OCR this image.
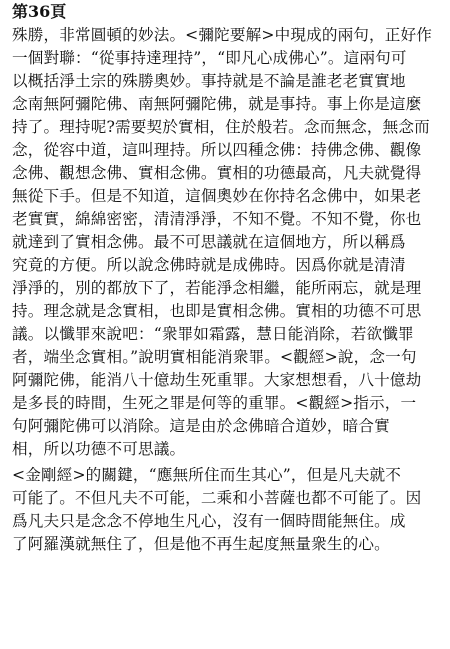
第36頁
殊勝，非常圓頓的妙法。<彌陀要解>中現成的兩句，正好作
一個對聯：“從事持達理持”，“即凡心成佛心”。這兩句可
以概括淨土宗的殊勝奧妙。事持就是不論是誰老老實實地
念南無阿彌陀佛、南無阿彌陀佛，就是事持。事上你是這麼
持了。理持呢?需要契於實相，住於般若。念而無念，無念而
念，從容中道，這叫理持。所以四種念佛：持佛念佛、觀像
念佛、觀想念佛、實相念佛。實相的功德最高，凡夫就覺得
無從下手。但是不知道，這個奧妙在你持名念佛中，如果老
老實實，綿綿密密，清清淨淨，不知不覺。不知不覺，你也
就達到了實相念佛。最不可思議就在這個地方，所以稱爲
究竟的方便。所以說念佛時就是成佛時。因爲你就是清清
淨淨的，別的都放下了，若能淨念相繼，能所兩忘，就是理
持。理念就是念實相，也即是實相念佛。實相的功德不可思
議。以懺罪來說吧：“衆罪如霜露，慧日能消除，若欲懺罪
者，端坐念實相。”說明實相能消衆罪。<觀經>說，念一句
阿彌陀佛，能消八十億劫生死重罪。大家想想看，八十億劫
是多長的時間，生死之罪是何等的重罪。<觀經>指示，一
句阿彌陀佛可以消除。這是由於念佛暗合道妙，暗合實
相，所以功德不可思議。
<金剛經>的關鍵，“應無所住而生其心”，但是凡夫就不
可能了。不但凡夫不可能，二乘和小菩薩也都不可能了。因
爲凡夫只是念念不停地生凡心，沒有一個時間能無住。成
了阿羅漢就無住了，但是他不再生起度無量衆生的心。
